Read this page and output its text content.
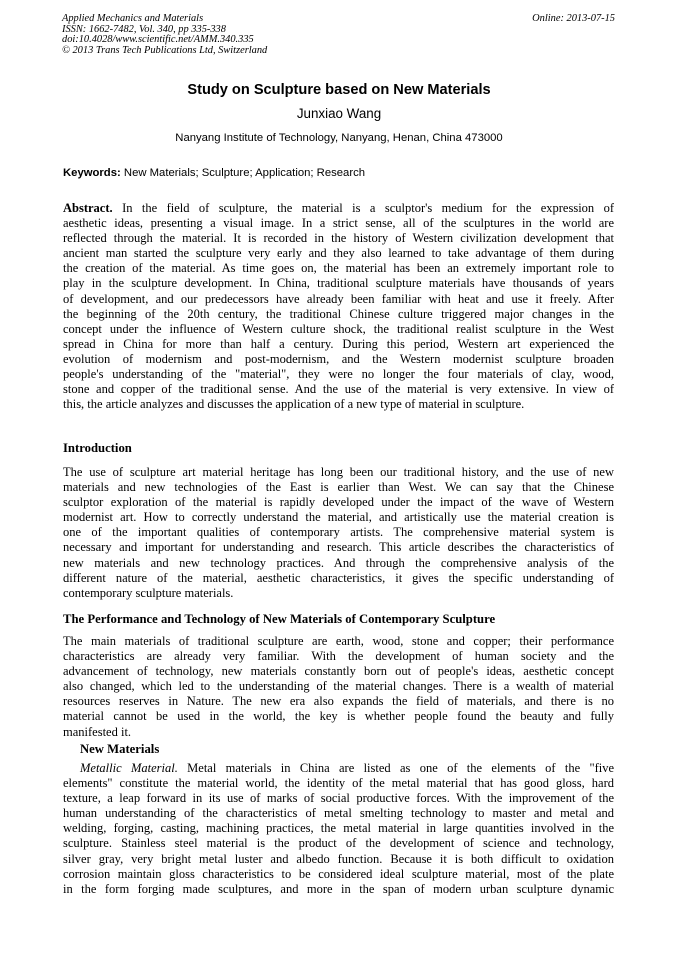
Applied Mechanics and Materials
ISSN: 1662-7482, Vol. 340, pp 335-338
doi:10.4028/www.scientific.net/AMM.340.335
© 2013 Trans Tech Publications Ltd, Switzerland
Online: 2013-07-15
Study on Sculpture based on New Materials
Junxiao Wang
Nanyang Institute of Technology, Nanyang, Henan, China 473000
Keywords: New Materials; Sculpture; Application; Research
Abstract. In the field of sculpture, the material is a sculptor's medium for the expression of
aesthetic ideas, presenting a visual image. In a strict sense, all of the sculptures in the world are
reflected through the material. It is recorded in the history of Western civilization development that
ancient man started the sculpture very early and they also learned to take advantage of them during
the creation of the material. As time goes on, the material has been an extremely important role to
play in the sculpture development. In China, traditional sculpture materials have thousands of years
of development, and our predecessors have already been familiar with heat and use it freely. After
the beginning of the 20th century, the traditional Chinese culture triggered major changes in the
concept under the influence of Western culture shock, the traditional realist sculpture in the West
spread in China for more than half a century. During this period, Western art experienced the
evolution of modernism and post-modernism, and the Western modernist sculpture broaden
people's understanding of the "material", they were no longer the four materials of clay, wood,
stone and copper of the traditional sense. And the use of the material is very extensive. In view of
this, the article analyzes and discusses the application of a new type of material in sculpture.
Introduction
The use of sculpture art material heritage has long been our traditional history, and the use of new
materials and new technologies of the East is earlier than West. We can say that the Chinese
sculptor exploration of the material is rapidly developed under the impact of the wave of Western
modernist art. How to correctly understand the material, and artistically use the material creation is
one of the important qualities of contemporary artists. The comprehensive material system is
necessary and important for understanding and research. This article describes the characteristics of
new materials and new technology practices. And through the comprehensive analysis of the
different nature of the material, aesthetic characteristics, it gives the specific understanding of
contemporary sculpture materials.
The Performance and Technology of New Materials of Contemporary Sculpture
The main materials of traditional sculpture are earth, wood, stone and copper; their performance
characteristics are already very familiar. With the development of human society and the
advancement of technology, new materials constantly born out of people's ideas, aesthetic concept
also changed, which led to the understanding of the material changes. There is a wealth of material
resources reserves in Nature. The new era also expands the field of materials, and there is no
material cannot be used in the world, the key is whether people found the beauty and fully
manifested it.
New Materials
Metallic Material. Metal materials in China are listed as one of the elements of the "five
elements" constitute the material world, the identity of the metal material that has good gloss, hard
texture, a leap forward in its use of marks of social productive forces. With the improvement of the
human understanding of the characteristics of metal smelting technology to master and metal and
welding, forging, casting, machining practices, the metal material in large quantities involved in the
sculpture. Stainless steel material is the product of the development of science and technology,
silver gray, very bright metal luster and albedo function. Because it is both difficult to oxidation
corrosion maintain gloss characteristics to be considered ideal sculpture material, most of the plate
in the form forging made sculptures, and more in the span of modern urban sculpture dynamic
